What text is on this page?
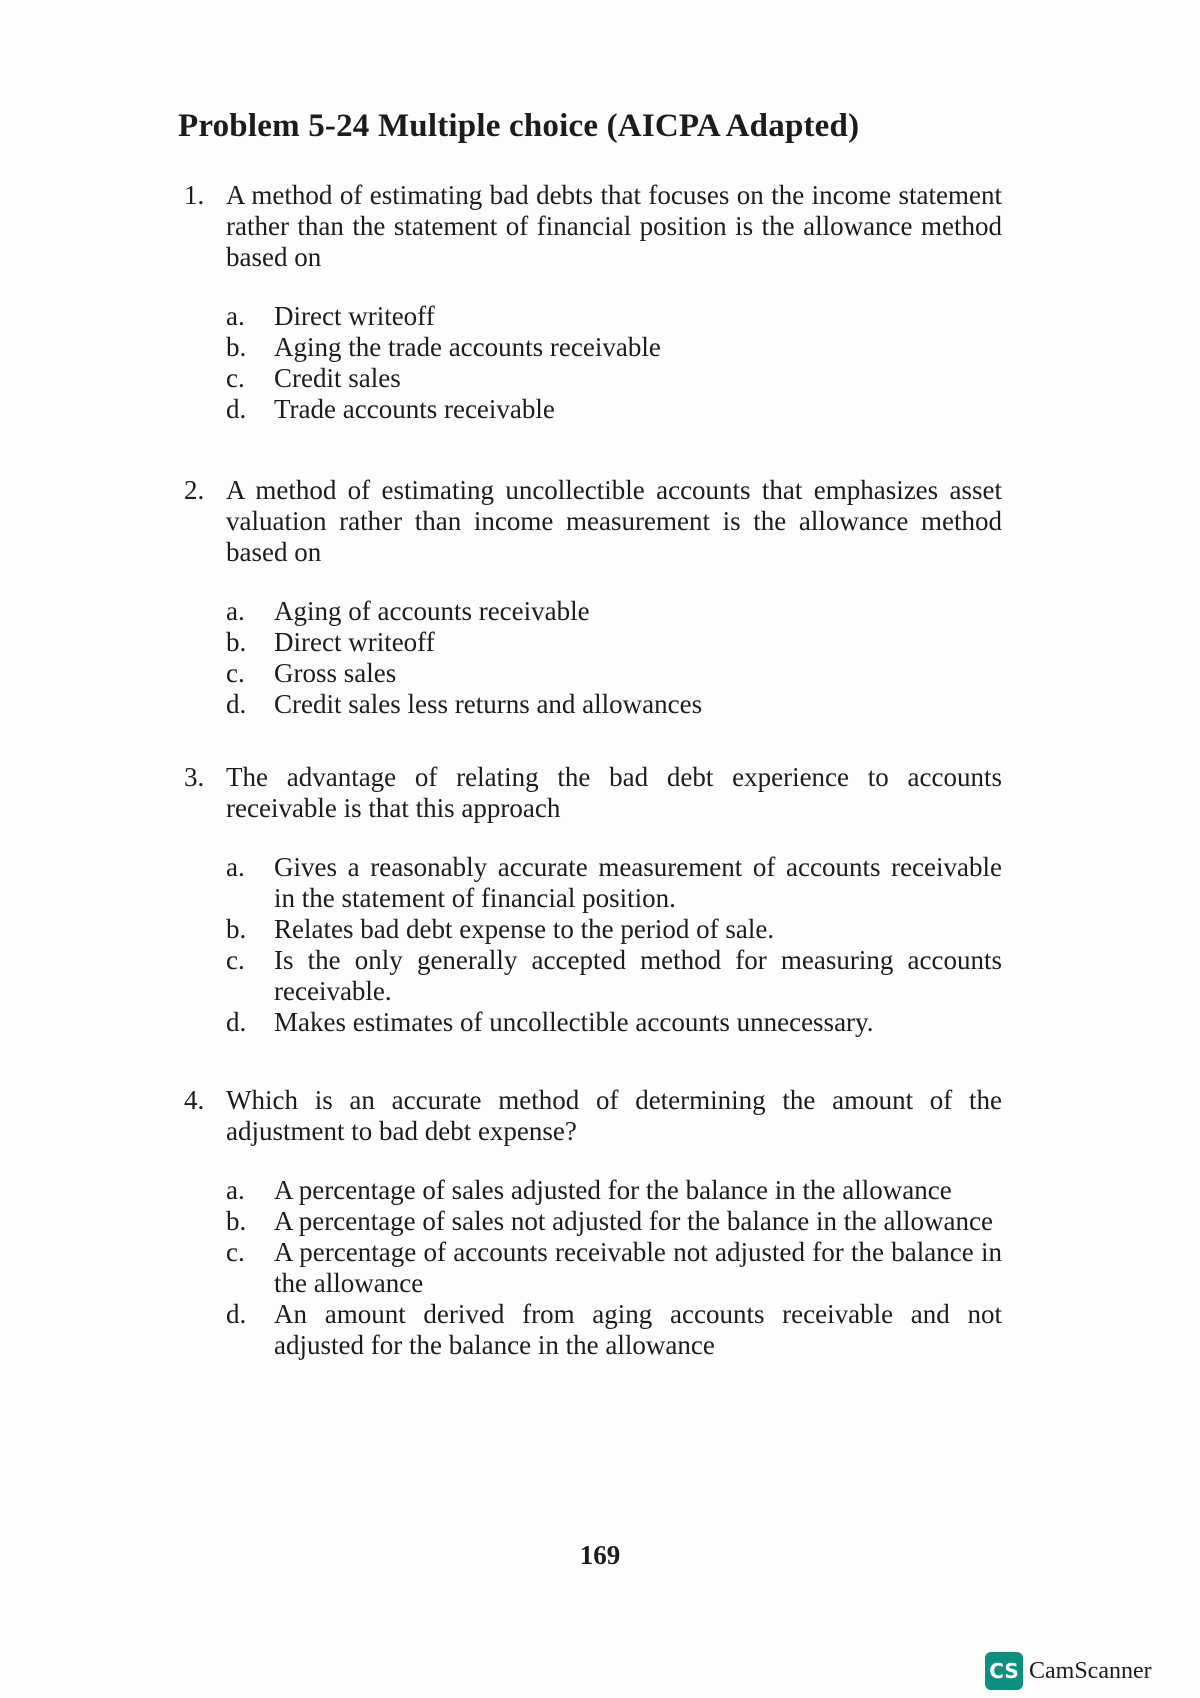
Problem 5-24 Multiple choice (AICPA Adapted)
1. A method of estimating bad debts that focuses on the income statement rather than the statement of financial position is the allowance method based on
a.	Direct writeoff
b.	Aging the trade accounts receivable
c.	Credit sales
d.	Trade accounts receivable
2. A method of estimating uncollectible accounts that emphasizes asset valuation rather than income measurement is the allowance method based on
a.	Aging of accounts receivable
b.	Direct writeoff
c.	Gross sales
d.	Credit sales less returns and allowances
3. The advantage of relating the bad debt experience to accounts receivable is that this approach
a.	Gives a reasonably accurate measurement of accounts receivable in the statement of financial position.
b.	Relates bad debt expense to the period of sale.
c.	Is the only generally accepted method for measuring accounts receivable.
d.	Makes estimates of uncollectible accounts unnecessary.
4. Which is an accurate method of determining the amount of the adjustment to bad debt expense?
a.	A percentage of sales adjusted for the balance in the allowance
b.	A percentage of sales not adjusted for the balance in the allowance
c.	A percentage of accounts receivable not adjusted for the balance in the allowance
d.	An amount derived from aging accounts receivable and not adjusted for the balance in the allowance
169
CS CamScanner
